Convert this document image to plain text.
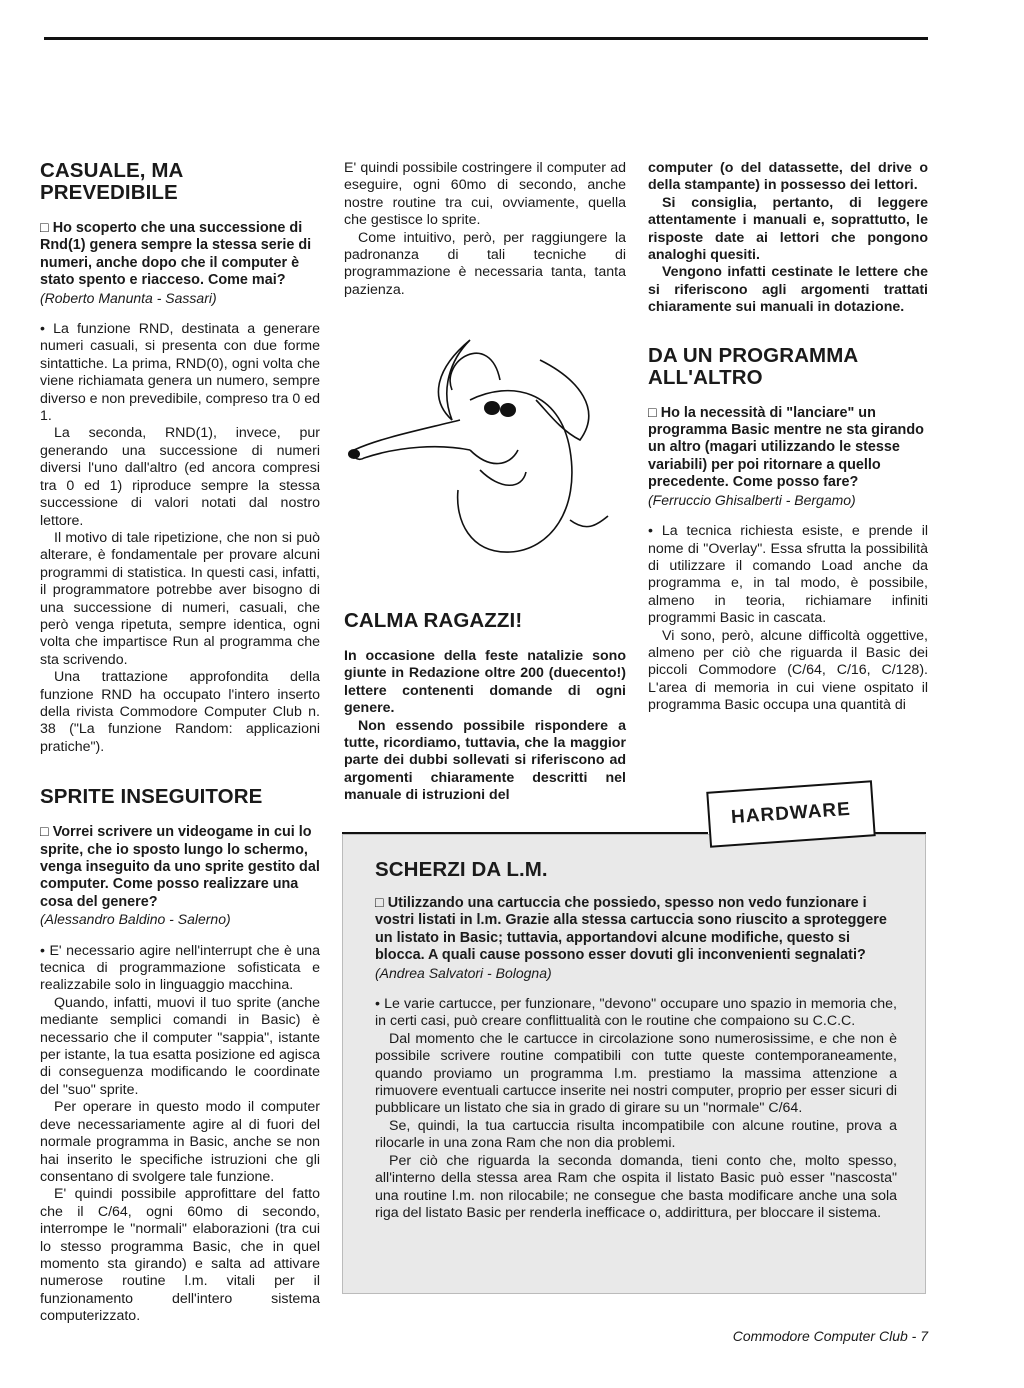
CASUALE, MA PREVEDIBILE

□ Ho scoperto che una successione di Rnd(1) genera sempre la stessa serie di numeri, anche dopo che il computer è stato spento e riacceso. Come mai?

(Roberto Manunta - Sassari)

• La funzione RND, destinata a generare numeri casuali, si presenta con due forme sintattiche. La prima, RND(0), ogni volta che viene richiamata genera un numero, sempre diverso e non prevedibile, compreso tra 0 ed 1.

La seconda, RND(1), invece, pur generando una successione di numeri diversi l'uno dall'altro (ed ancora compresi tra 0 ed 1) riproduce sempre la stessa successione di valori notati dal nostro lettore.

Il motivo di tale ripetizione, che non si può alterare, è fondamentale per provare alcuni programmi di statistica. In questi casi, infatti, il programmatore potrebbe aver bisogno di una successione di numeri, casuali, che però venga ripetuta, sempre identica, ogni volta che impartisce Run al programma che sta scrivendo.

Una trattazione approfondita della funzione RND ha occupato l'intero inserto della rivista Commodore Computer Club n. 38 ("La funzione Random: applicazioni pratiche").

SPRITE INSEGUITORE

□ Vorrei scrivere un videogame in cui lo sprite, che io sposto lungo lo schermo, venga inseguito da uno sprite gestito dal computer. Come posso realizzare una cosa del genere?

(Alessandro Baldino - Salerno)

• E' necessario agire nell'interrupt che è una tecnica di programmazione sofisticata e realizzabile solo in linguaggio macchina.

Quando, infatti, muovi il tuo sprite (anche mediante semplici comandi in Basic) è necessario che il computer "sappia", istante per istante, la tua esatta posizione ed agisca di conseguenza modificando le coordinate del "suo" sprite.

Per operare in questo modo il computer deve necessariamente agire al di fuori del normale programma in Basic, anche se non hai inserito le specifiche istruzioni che gli consentano di svolgere tale funzione.

E' quindi possibile approfittare del fatto che il C/64, ogni 60mo di secondo, interrompe le "normali" elaborazioni (tra cui lo stesso programma Basic, che in quel momento sta girando) e salta ad attivare numerose routine l.m. vitali per il funzionamento dell'intero sistema computerizzato.

E' quindi possibile costringere il computer ad eseguire, ogni 60mo di secondo, anche nostre routine tra cui, ovviamente, quella che gestisce lo sprite.

Come intuitivo, però, per raggiungere la padronanza di tali tecniche di programmazione è necessaria tanta, tanta pazienza.

CALMA RAGAZZI!

In occasione della feste natalizie sono giunte in Redazione oltre 200 (duecento!) lettere contenenti domande di ogni genere.

Non essendo possibile rispondere a tutte, ricordiamo, tuttavia, che la maggior parte dei dubbi sollevati si riferiscono ad argomenti chiaramente descritti nel manuale di istruzioni del

computer (o del datassette, del drive o della stampante) in possesso dei lettori.

Si consiglia, pertanto, di leggere attentamente i manuali e, soprattutto, le risposte date ai lettori che pongono analoghi quesiti.

Vengono infatti cestinate le lettere che si riferiscono agli argomenti trattati chiaramente sui manuali in dotazione.

DA UN PROGRAMMA ALL'ALTRO

□ Ho la necessità di "lanciare" un programma Basic mentre ne sta girando un altro (magari utilizzando le stesse variabili) per poi ritornare a quello precedente. Come posso fare?

(Ferruccio Ghisalberti - Bergamo)

• La tecnica richiesta esiste, e prende il nome di "Overlay". Essa sfrutta la possibilità di utilizzare il comando Load anche da programma e, in tal modo, è possibile, almeno in teoria, richiamare infiniti programmi Basic in cascata.

Vi sono, però, alcune difficoltà oggettive, almeno per ciò che riguarda il Basic dei piccoli Commodore (C/64, C/16, C/128). L'area di memoria in cui viene ospitato il programma Basic occupa una quantità di

SCHERZI DA L.M.

□ Utilizzando una cartuccia che possiedo, spesso non vedo funzionare i vostri listati in l.m. Grazie alla stessa cartuccia sono riuscito a sproteggere un listato in Basic; tuttavia, apportandovi alcune modifiche, questo si blocca. A quali cause possono esser dovuti gli inconvenienti segnalati?

(Andrea Salvatori - Bologna)

• Le varie cartucce, per funzionare, "devono" occupare uno spazio in memoria che, in certi casi, può creare conflittualità con le routine che compaiono su C.C.C.

Dal momento che le cartucce in circolazione sono numerosissime, e che non è possibile scrivere routine compatibili con tutte queste contemporaneamente, quando proviamo un programma l.m. prestiamo la massima attenzione a rimuovere eventuali cartucce inserite nei nostri computer, proprio per esser sicuri di pubblicare un listato che sia in grado di girare su un "normale" C/64.

Se, quindi, la tua cartuccia risulta incompatibile con alcune routine, prova a rilocarle in una zona Ram che non dia problemi.

Per ciò che riguarda la seconda domanda, tieni conto che, molto spesso, all'interno della stessa area Ram che ospita il listato Basic può esser "nascosta" una routine l.m. non rilocabile; ne consegue che basta modificare anche una sola riga del listato Basic per renderla inefficace o, addirittura, per bloccare il sistema.

HARDWARE
Commodore Computer Club - 7
